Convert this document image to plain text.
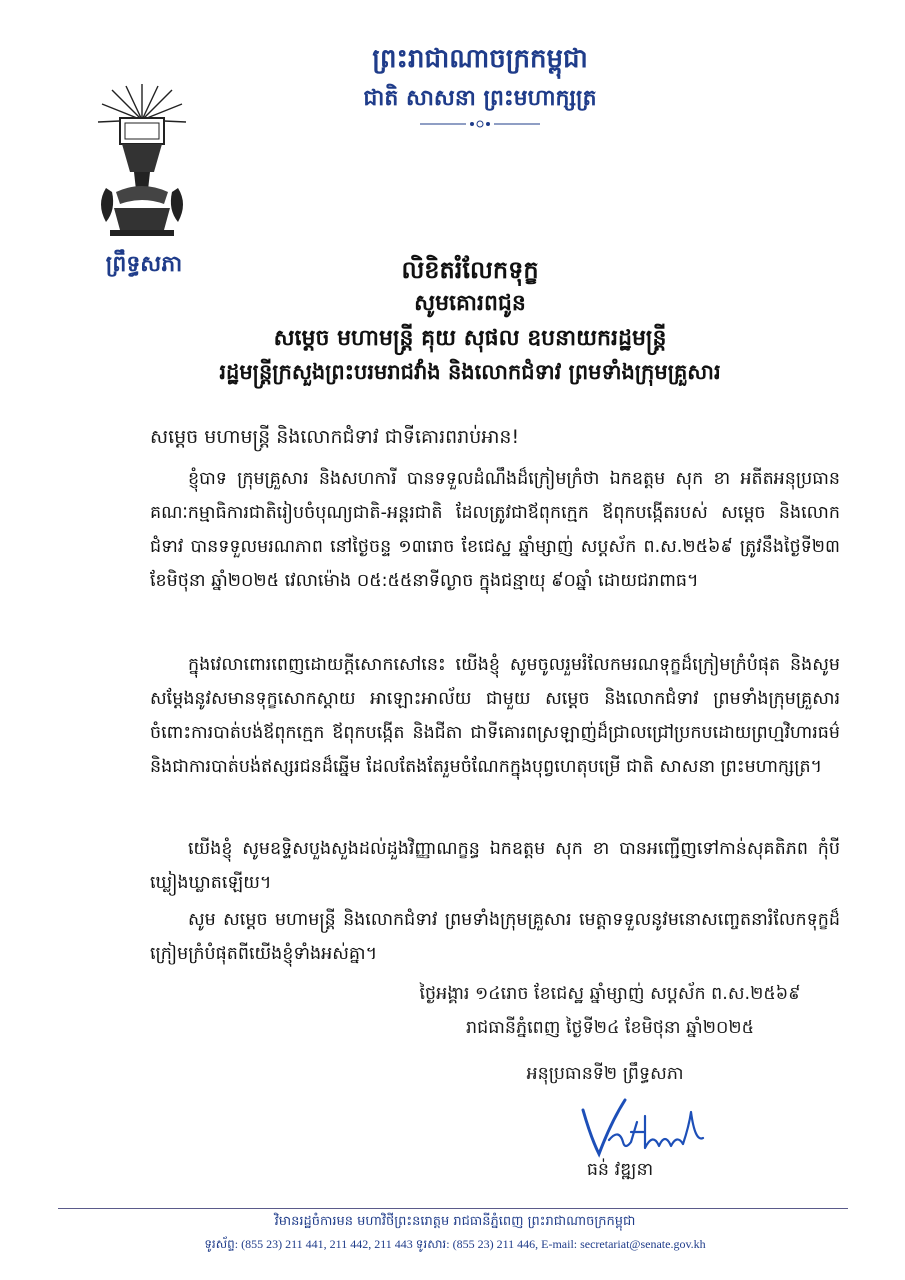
ព្រះរាជាណាចក្រកម្ពុជា
ជាតិ សាសនា ព្រះមហាក្សត្រ
ព្រឹទ្ធសភា	លិខិតរំលែកទុក្ខ
សូមគោរពជូន
សម្ដេច មហាមន្ត្រី គុយ សុផល ឧបនាយករដ្ឋមន្ត្រី
រដ្ឋមន្ត្រីក្រសួងព្រះបរមរាជវាំង និងលោកជំទាវ ព្រមទាំងក្រុមគ្រួសារ
សម្ដេច មហាមន្ត្រី និងលោកជំទាវ ជាទីគោរពរាប់អាន!
ខ្ញុំបាទ ក្រុមគ្រួសារ និងសហការី បានទទួលដំណឹងដ៏ក្រៀមក្រំថា ឯកឧត្តម សុក ខា អតីតអនុប្រធានគណៈកម្មាធិការជាតិរៀបចំបុណ្យជាតិ-អន្តរជាតិ ដែលត្រូវជាឪពុកក្មេក ឪពុកបង្កើតរបស់ សម្ដេច និងលោកជំទាវ បានទទួលមរណភាព នៅថ្ងៃចន្ទ ១៣រោច ខែជេស្ឋ ឆ្នាំម្សាញ់ សប្តស័ក ព.ស.២៥៦៩ ត្រូវនឹងថ្ងៃទី២៣ ខែមិថុនា ឆ្នាំ២០២៥ វេលាម៉ោង ០៥:៥៥នាទីល្ងាច ក្នុងជន្មាយុ ៩០ឆ្នាំ ដោយជរាពាធ។
ក្នុងវេលាពោរពេញដោយក្ដីសោកសៅនេះ យើងខ្ញុំ សូមចូលរួមរំលែកមរណទុក្ខដ៏ក្រៀមក្រំបំផុត និងសូមសម្ដែងនូវសមានទុក្ខសោកស្ដាយ អាឡោះអាល័យ ជាមួយ សម្ដេច និងលោកជំទាវ ព្រមទាំងក្រុមគ្រួសារ ចំពោះការបាត់បង់ឪពុកក្មេក ឪពុកបង្កើត និងជីតា ជាទីគោរពស្រឡាញ់ដ៏ជ្រាលជ្រៅប្រកបដោយព្រហ្មវិហារធម៌ និងជាការបាត់បង់ឥស្សរជនដ៏ឆ្នើម ដែលតែងតែរួមចំណែកក្នុងបុព្វហេតុបម្រើ ជាតិ សាសនា ព្រះមហាក្សត្រ។
យើងខ្ញុំ សូមឧទ្ទិសបួងសួងដល់ដួងវិញ្ញាណក្ខន្ធ ឯកឧត្តម សុក ខា បានអញ្ជើញទៅកាន់សុគតិភព កុំបីឃ្លៀងឃ្លាតឡើយ។
សូម សម្ដេច មហាមន្ត្រី និងលោកជំទាវ ព្រមទាំងក្រុមគ្រួសារ មេត្តាទទួលនូវមនោសញ្ចេតនារំលែកទុក្ខដ៏ក្រៀមក្រំបំផុតពីយើងខ្ញុំទាំងអស់គ្នា។
ថ្ងៃអង្គារ ១៤រោច ខែជេស្ឋ ឆ្នាំម្សាញ់ សប្តស័ក ព.ស.២៥៦៩
រាជធានីភ្នំពេញ ថ្ងៃទី២៤ ខែមិថុនា ឆ្នាំ២០២៥
អនុប្រធានទី២ ព្រឹទ្ធសភា
ធន់ វឌ្ឍនា
វិមានរដ្ឋចំការមន មហាវិថីព្រះនរោត្តម រាជធានីភ្នំពេញ ព្រះរាជាណាចក្រកម្ពុជា
ទូរស័ព្ទ: (855 23) 211 441, 211 442, 211 443 ទូរសារ: (855 23) 211 446, E-mail: secretariat@senate.gov.kh
